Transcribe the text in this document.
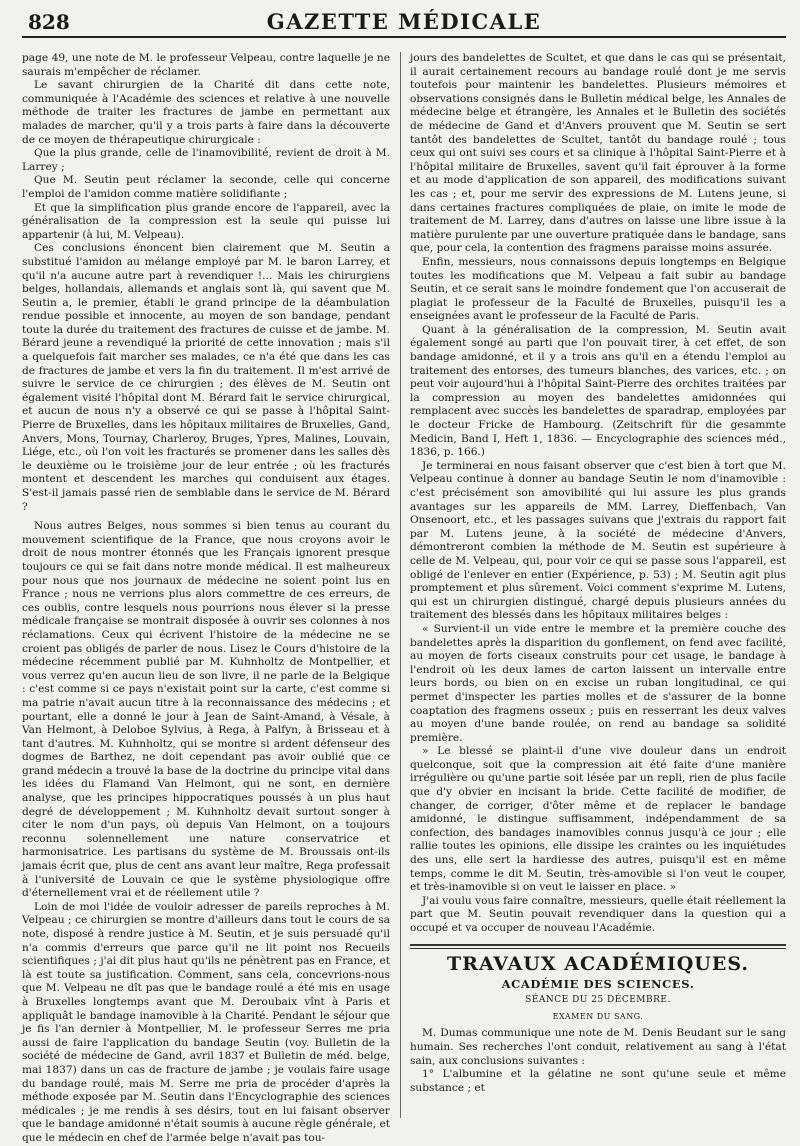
828	GAZETTE MÉDICALE

page 49, une note de M. le professeur Velpeau, contre laquelle je ne saurais m'empêcher de réclamer.

Le savant chirurgien de la Charité dit dans cette note, communiquée à l'Académie des sciences et relative à une nouvelle méthode de traiter les fractures de jambe en permettant aux malades de marcher, qu'il y a trois parts à faire dans la découverte de ce moyen de thérapeutique chirurgicale :

Que la plus grande, celle de l'inamovibilité, revient de droit à M. Larrey ;

Que M. Seutin peut réclamer la seconde, celle qui concerne l'emploi de l'amidon comme matière solidifiante ;

Et que la simplification plus grande encore de l'appareil, avec la généralisation de la compression est la seule qui puisse lui appartenir (à lui, M. Velpeau).

Ces conclusions énoncent bien clairement que M. Seutin a substitué l'amidon au mélange employé par M. le baron Larrey, et qu'il n'a aucune autre part à revendiquer !... Mais les chirurgiens belges, hollandais, allemands et anglais sont là, qui savent que M. Seutin a, le premier, établi le grand principe de la déambulation rendue possible et innocente, au moyen de son bandage, pendant toute la durée du traitement des fractures de cuisse et de jambe. M. Bérard jeune a revendiqué la priorité de cette innovation ; mais s'il a quelquefois fait marcher ses malades, ce n'a été que dans les cas de fractures de jambe et vers la fin du traitement. Il m'est arrivé de suivre le service de ce chirurgien ; des élèves de M. Seutin ont également visité l'hôpital dont M. Bérard fait le service chirurgical, et aucun de nous n'y a observé ce qui se passe à l'hôpital Saint-Pierre de Bruxelles, dans les hôpitaux militaires de Bruxelles, Gand, Anvers, Mons, Tournay, Charleroy, Bruges, Ypres, Malines, Louvain, Liége, etc., où l'on voit les fracturés se promener dans les salles dès le deuxième ou le troisième jour de leur entrée ; où les fracturés montent et descendent les marches qui conduisent aux étages. S'est-il jamais passé rien de semblable dans le service de M. Bérard ?

Nous autres Belges, nous sommes si bien tenus au courant du mouvement scientifique de la France, que nous croyons avoir le droit de nous montrer étonnés que les Français ignorent presque toujours ce qui se fait dans notre monde médical. Il est malheureux pour nous que nos journaux de médecine ne soient point lus en France ; nous ne verrions plus alors commettre de ces erreurs, de ces oublis, contre lesquels nous pourrions nous élever si la presse médicale française se montrait disposée à ouvrir ses colonnes à nos réclamations. Ceux qui écrivent l'histoire de la médecine ne se croient pas obligés de parler de nous. Lisez le Cours d'histoire de la médecine récemment publié par M. Kuhnholtz de Montpellier, et vous verrez qu'en aucun lieu de son livre, il ne parle de la Belgique : c'est comme si ce pays n'existait point sur la carte, c'est comme si ma patrie n'avait aucun titre à la reconnaissance des médecins ; et pourtant, elle a donné le jour à Jean de Saint-Amand, à Vésale, à Van Helmont, à Deloboe Sylvius, à Rega, à Palfyn, à Brisseau et à tant d'autres. M. Kuhnholtz, qui se montre si ardent défenseur des dogmes de Barthez, ne doit cependant pas avoir oublié que ce grand médecin a trouvé la base de la doctrine du principe vital dans les idées du Flamand Van Helmont, qui ne sont, en dernière analyse, que les principes hippocratiques poussés à un plus haut degré de développement ; M. Kuhnholtz devait surtout songer à citer le nom d'un pays, où depuis Van Helmont, on a toujours reconnu solennellement une nature conservatrice et harmonisatrice. Les partisans du système de M. Broussais ont-ils jamais écrit que, plus de cent ans avant leur maître, Rega professait à l'université de Louvain ce que le système physiologique offre d'éternellement vrai et de réellement utile ?

Loin de moi l'idée de vouloir adresser de pareils reproches à M. Velpeau ; ce chirurgien se montre d'ailleurs dans tout le cours de sa note, disposé à rendre justice à M. Seutin, et je suis persuadé qu'il n'a commis d'erreurs que parce qu'il ne lit point nos Recueils scientifiques ; j'ai dit plus haut qu'ils ne pénètrent pas en France, et là est toute sa justification. Comment, sans cela, concevrions-nous que M. Velpeau ne dît pas que le bandage roulé a été mis en usage à Bruxelles longtemps avant que M. Deroubaix vînt à Paris et appliquât le bandage inamovible à la Charité. Pendant le séjour que je fis l'an dernier à Montpellier, M. le professeur Serres me pria aussi de faire l'application du bandage Seutin (voy. Bulletin de la société de médecine de Gand, avril 1837 et Bulletin de méd. belge, mai 1837) dans un cas de fracture de jambe ; je voulais faire usage du bandage roulé, mais M. Serre me pria de procéder d'après la méthode exposée par M. Seutin dans l'Encyclographie des sciences médicales ; je me rendis à ses désirs, tout en lui faisant observer que le bandage amidonné n'était soumis à aucune règle générale, et que le médecin en chef de l'armée belge n'avait pas tou-

jours des bandelettes de Scultet, et que dans le cas qui se présentait, il aurait certainement recours au bandage roulé dont je me servis toutefois pour maintenir les bandelettes. Plusieurs mémoires et observations consignés dans le Bulletin médical belge, les Annales de médecine belge et étrangère, les Annales et le Bulletin des sociétés de médecine de Gand et d'Anvers prouvent que M. Seutin se sert tantôt des bandelettes de Scultet, tantôt du bandage roulé ; tous ceux qui ont suivi ses cours et sa clinique à l'hôpital Saint-Pierre et à l'hôpital militaire de Bruxelles, savent qu'il fait éprouver à la forme et au mode d'application de son appareil, des modifications suivant les cas ; et, pour me servir des expressions de M. Lutens jeune, si dans certaines fractures compliquées de plaie, on imite le mode de traitement de M. Larrey, dans d'autres on laisse une libre issue à la matière purulente par une ouverture pratiquée dans le bandage, sans que, pour cela, la contention des fragmens paraisse moins assurée.

Enfin, messieurs, nous connaissons depuis longtemps en Belgique toutes les modifications que M. Velpeau a fait subir au bandage Seutin, et ce serait sans le moindre fondement que l'on accuserait de plagiat le professeur de la Faculté de Bruxelles, puisqu'il les a enseignées avant le professeur de la Faculté de Paris.

Quant à la généralisation de la compression, M. Seutin avait également songé au parti que l'on pouvait tirer, à cet effet, de son bandage amidonné, et il y a trois ans qu'il en a étendu l'emploi au traitement des entorses, des tumeurs blanches, des varices, etc. ; on peut voir aujourd'hui à l'hôpital Saint-Pierre des orchites traitées par la compression au moyen des bandelettes amidonnées qui remplacent avec succès les bandelettes de sparadrap, employées par le docteur Fricke de Hambourg. (Zeitschrift für die gesammte Medicin, Band I, Heft 1, 1836. — Encyclographie des sciences méd., 1836, p. 166.)

Je terminerai en nous faisant observer que c'est bien à tort que M. Velpeau continue à donner au bandage Seutin le nom d'inamovible : c'est précisément son amovibilité qui lui assure les plus grands avantages sur les appareils de MM. Larrey, Dieffenbach, Van Onsenoort, etc., et les passages suivans que j'extrais du rapport fait par M. Lutens jeune, à la société de médecine d'Anvers, démontreront combien la méthode de M. Seutin est supérieure à celle de M. Velpeau, qui, pour voir ce qui se passe sous l'appareil, est obligé de l'enlever en entier (Expérience, p. 53) ; M. Seutin agit plus promptement et plus sûrement. Voici comment s'exprime M. Lutens, qui est un chirurgien distingué, chargé depuis plusieurs années du traitement des blessés dans les hôpitaux militaires belges :

« Survient-il un vide entre le membre et la première couche des bandelettes après la disparition du gonflement, on fend avec facilité, au moyen de forts ciseaux construits pour cet usage, le bandage à l'endroit où les deux lames de carton laissent un intervalle entre leurs bords, ou bien on en excise un ruban longitudinal, ce qui permet d'inspecter les parties molles et de s'assurer de la bonne coaptation des fragmens osseux ; puis en resserrant les deux valves au moyen d'une bande roulée, on rend au bandage sa solidité première.

» Le blessé se plaint-il d'une vive douleur dans un endroit quelconque, soit que la compression ait été faite d'une manière irrégulière ou qu'une partie soit lésée par un repli, rien de plus facile que d'y obvier en incisant la bride. Cette facilité de modifier, de changer, de corriger, d'ôter même et de replacer le bandage amidonné, le distingue suffisamment, indépendamment de sa confection, des bandages inamovibles connus jusqu'à ce jour ; elle rallie toutes les opinions, elle dissipe les craintes ou les inquiétudes des uns, elle sert la hardiesse des autres, puisqu'il est en même temps, comme le dit M. Seutin, très-amovible si l'on veut le couper, et très-inamovible si on veut le laisser en place. »

J'ai voulu vous faire connaître, messieurs, quelle était réellement la part que M. Seutin pouvait revendiquer dans la question qui a occupé et va occuper de nouveau l'Académie.

TRAVAUX ACADÉMIQUES.
ACADÉMIE DES SCIENCES.
SÉANCE DU 25 DÉCEMBRE.
EXAMEN DU SANG.

M. Dumas communique une note de M. Denis Beudant sur le sang humain. Ses recherches l'ont conduit, relativement au sang à l'état sain, aux conclusions suivantes :

1° L'albumine et la gélatine ne sont qu'une seule et même substance ; et
